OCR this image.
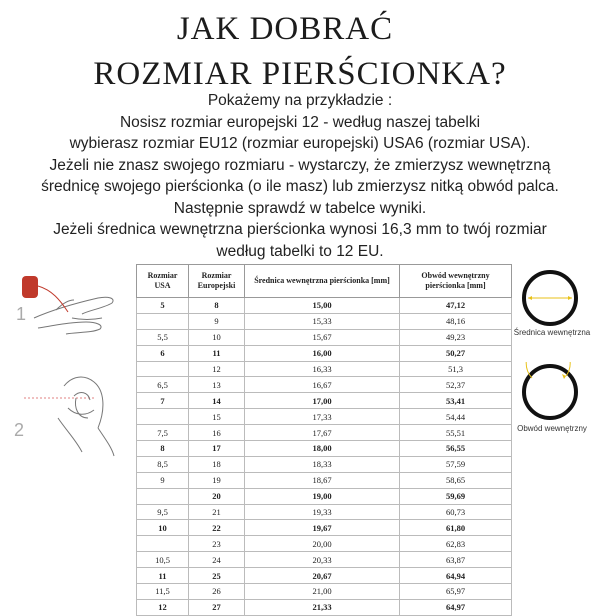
JAK DOBRAĆ
ROZMIAR PIERŚCIONKA?
Pokażemy na przykładzie :
Nosisz rozmiar europejski 12 - według naszej tabelki
wybierasz rozmiar EU12 (rozmiar europejski) USA6 (rozmiar USA).
Jeżeli nie znasz swojego rozmiaru - wystarczy, że zmierzysz wewnętrzną
średnicę swojego pierścionka (o ile masz) lub zmierzysz nitką obwód palca.
Następnie sprawdź w tabelce wyniki.
Jeżeli średnica wewnętrzna pierścionka wynosi 16,3 mm to twój rozmiar
według tabelki to 12 EU.
1
2
Rozmiar USA	Rozmiar Europejski	Średnica wewnętrzna pierścionka [mm]	Obwód wewnętrzny pierścionka [mm]
5	8	15,00	47,12
	9	15,33	48,16
5,5	10	15,67	49,23
6	11	16,00	50,27
	12	16,33	51,3
6,5	13	16,67	52,37
7	14	17,00	53,41
	15	17,33	54,44
7,5	16	17,67	55,51
8	17	18,00	56,55
8,5	18	18,33	57,59
9	19	18,67	58,65
	20	19,00	59,69
9,5	21	19,33	60,73
10	22	19,67	61,80
	23	20,00	62,83
10,5	24	20,33	63,87
11	25	20,67	64,94
11,5	26	21,00	65,97
12	27	21,33	64,97
Średnica wewnętrzna
Obwód wewnętrzny
